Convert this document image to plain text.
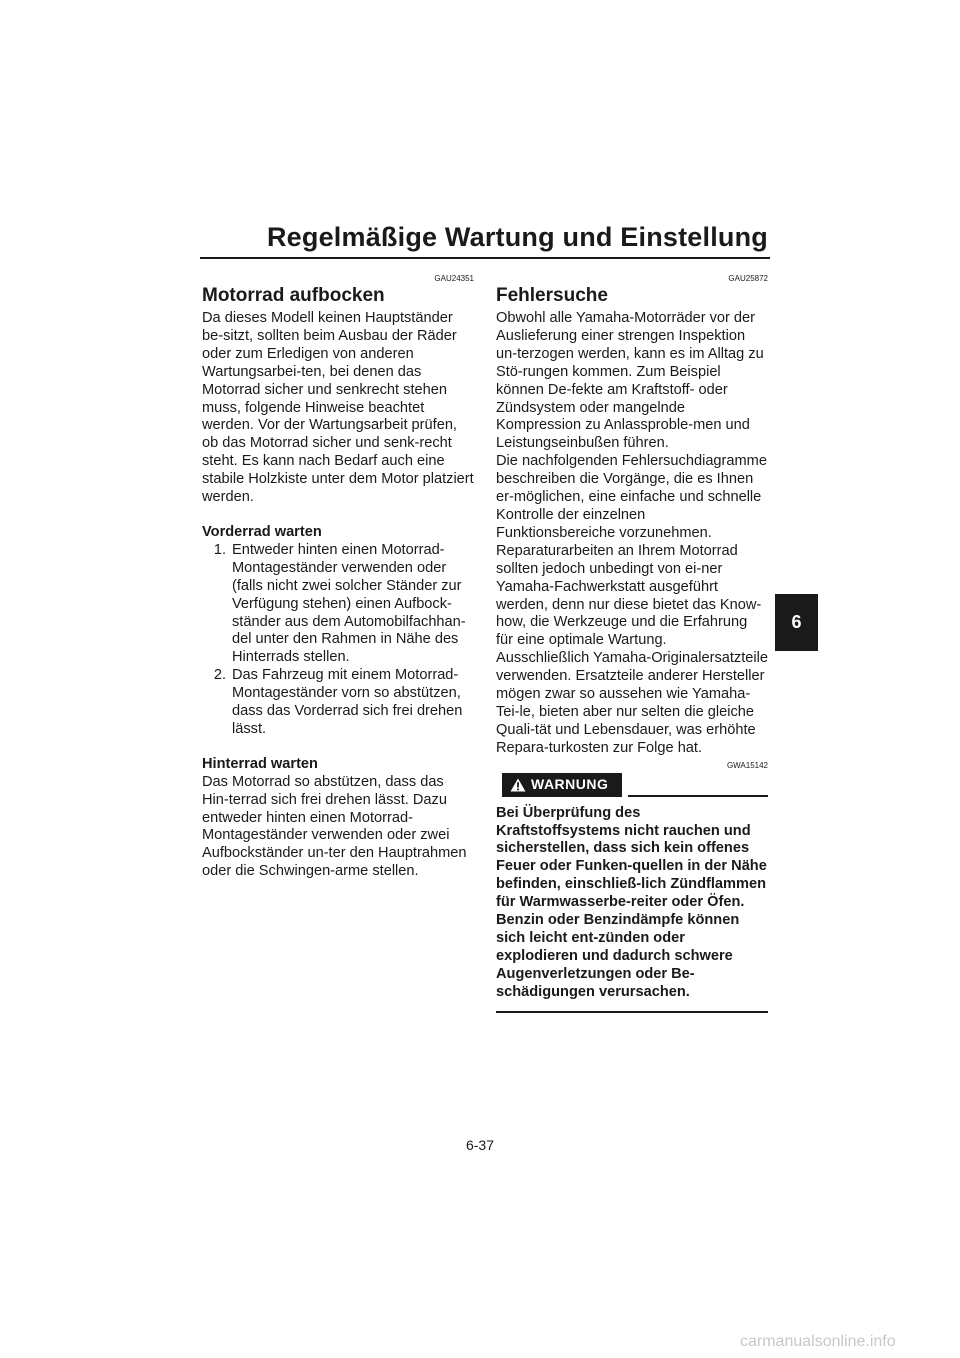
Regelmäßige Wartung und Einstellung
GAU24351
Motorrad aufbocken

Da dieses Modell keinen Hauptständer be-sitzt, sollten beim Ausbau der Räder oder zum Erledigen von anderen Wartungsarbei-ten, bei denen das Motorrad sicher und senkrecht stehen muss, folgende Hinweise beachtet werden. Vor der Wartungsarbeit prüfen, ob das Motorrad sicher und senk-recht steht. Es kann nach Bedarf auch eine stabile Holzkiste unter dem Motor platziert werden.

Vorderrad warten

1. Entweder hinten einen Motorrad-Montageständer verwenden oder (falls nicht zwei solcher Ständer zur Verfügung stehen) einen Aufbock-ständer aus dem Automobilfachhan-del unter den Rahmen in Nähe des Hinterrads stellen.
2. Das Fahrzeug mit einem Motorrad-Montageständer vorn so abstützen, dass das Vorderrad sich frei drehen lässt.

Hinterrad warten

Das Motorrad so abstützen, dass das Hin-terrad sich frei drehen lässt. Dazu entweder hinten einen Motorrad-Montageständer verwenden oder zwei Aufbockständer un-ter den Hauptrahmen oder die Schwingen-arme stellen.

GAU25872
Fehlersuche

Obwohl alle Yamaha-Motorräder vor der Auslieferung einer strengen Inspektion un-terzogen werden, kann es im Alltag zu Stö-rungen kommen. Zum Beispiel können De-fekte am Kraftstoff- oder Zündsystem oder mangelnde Kompression zu Anlassproble-men und Leistungseinbußen führen.

Die nachfolgenden Fehlersuchdiagramme beschreiben die Vorgänge, die es Ihnen er-möglichen, eine einfache und schnelle Kontrolle der einzelnen Funktionsbereiche vorzunehmen. Reparaturarbeiten an Ihrem Motorrad sollten jedoch unbedingt von ei-ner Yamaha-Fachwerkstatt ausgeführt werden, denn nur diese bietet das Know-how, die Werkzeuge und die Erfahrung für eine optimale Wartung.

Ausschließlich Yamaha-Originalersatzteile verwenden. Ersatzteile anderer Hersteller mögen zwar so aussehen wie Yamaha-Tei-le, bieten aber nur selten die gleiche Quali-tät und Lebensdauer, was erhöhte Repara-turkosten zur Folge hat.

GWA15142
WARNUNG

Bei Überprüfung des Kraftstoffsystems nicht rauchen und sicherstellen, dass sich kein offenes Feuer oder Funken-quellen in der Nähe befinden, einschließ-lich Zündflammen für Warmwasserbe-reiter oder Öfen. Benzin oder Benzindämpfe können sich leicht ent-zünden oder explodieren und dadurch schwere Augenverletzungen oder Be-schädigungen verursachen.

6
6-37
carmanualsonline.info
